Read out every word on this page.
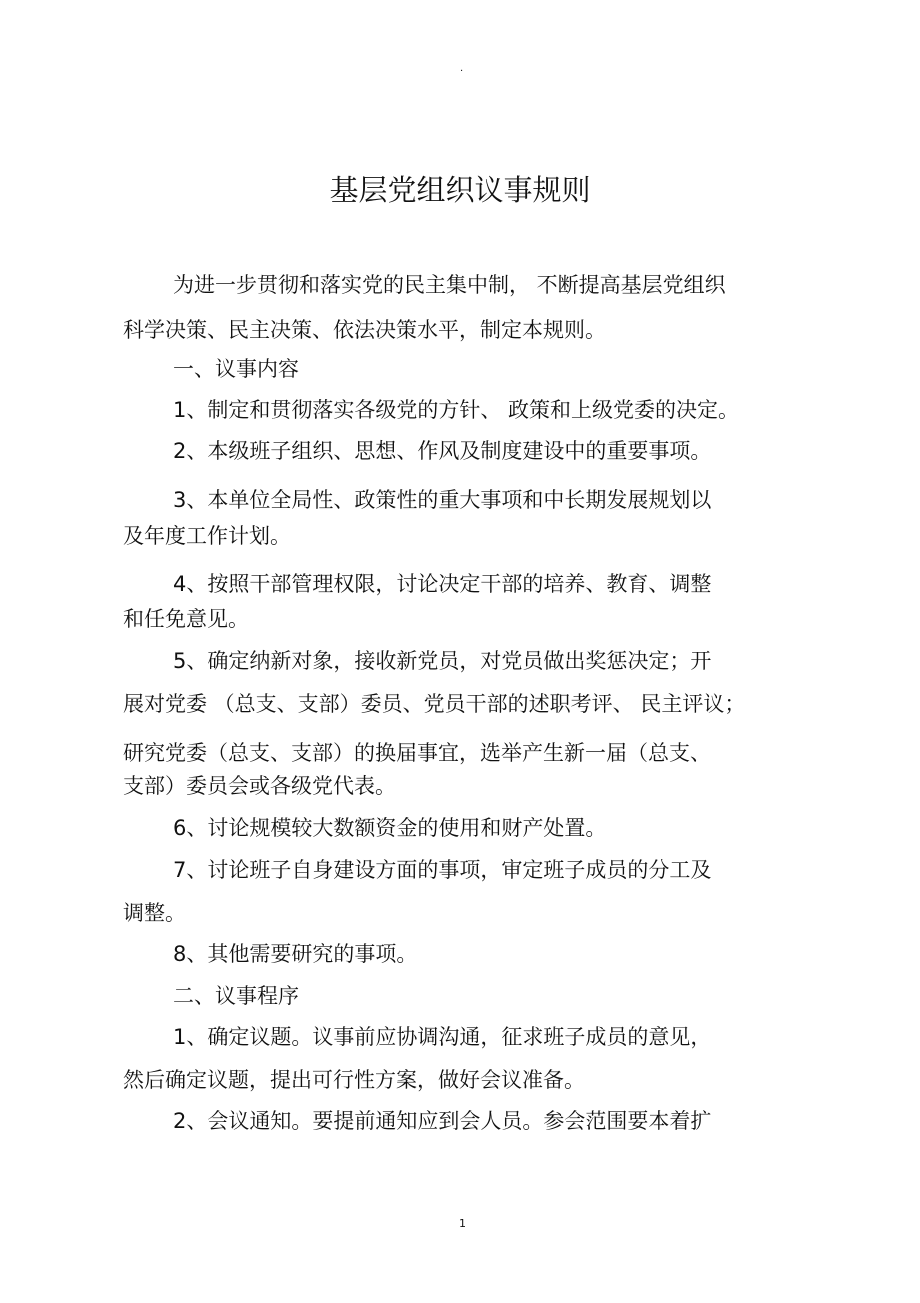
.
基层党组织议事规则
为进一步贯彻和落实党的民主集中制， 不断提高基层党组织
科学决策、民主决策、依法决策水平，制定本规则。
一、议事内容
1、制定和贯彻落实各级党的方针、 政策和上级党委的决定。
2、本级班子组织、思想、作风及制度建设中的重要事项。
3、本单位全局性、政策性的重大事项和中长期发展规划以
及年度工作计划。
4、按照干部管理权限，讨论决定干部的培养、教育、调整
和任免意见。
5、确定纳新对象，接收新党员，对党员做出奖惩决定；开
展对党委 （总支、支部）委员、党员干部的述职考评、 民主评议；
研究党委（总支、支部）的换届事宜，选举产生新一届（总支、
支部）委员会或各级党代表。
6、讨论规模较大数额资金的使用和财产处置。
7、讨论班子自身建设方面的事项，审定班子成员的分工及
调整。
8、其他需要研究的事项。
二、议事程序
1、确定议题。议事前应协调沟通，征求班子成员的意见，
然后确定议题，提出可行性方案，做好会议准备。
2、会议通知。要提前通知应到会人员。参会范围要本着扩
1
